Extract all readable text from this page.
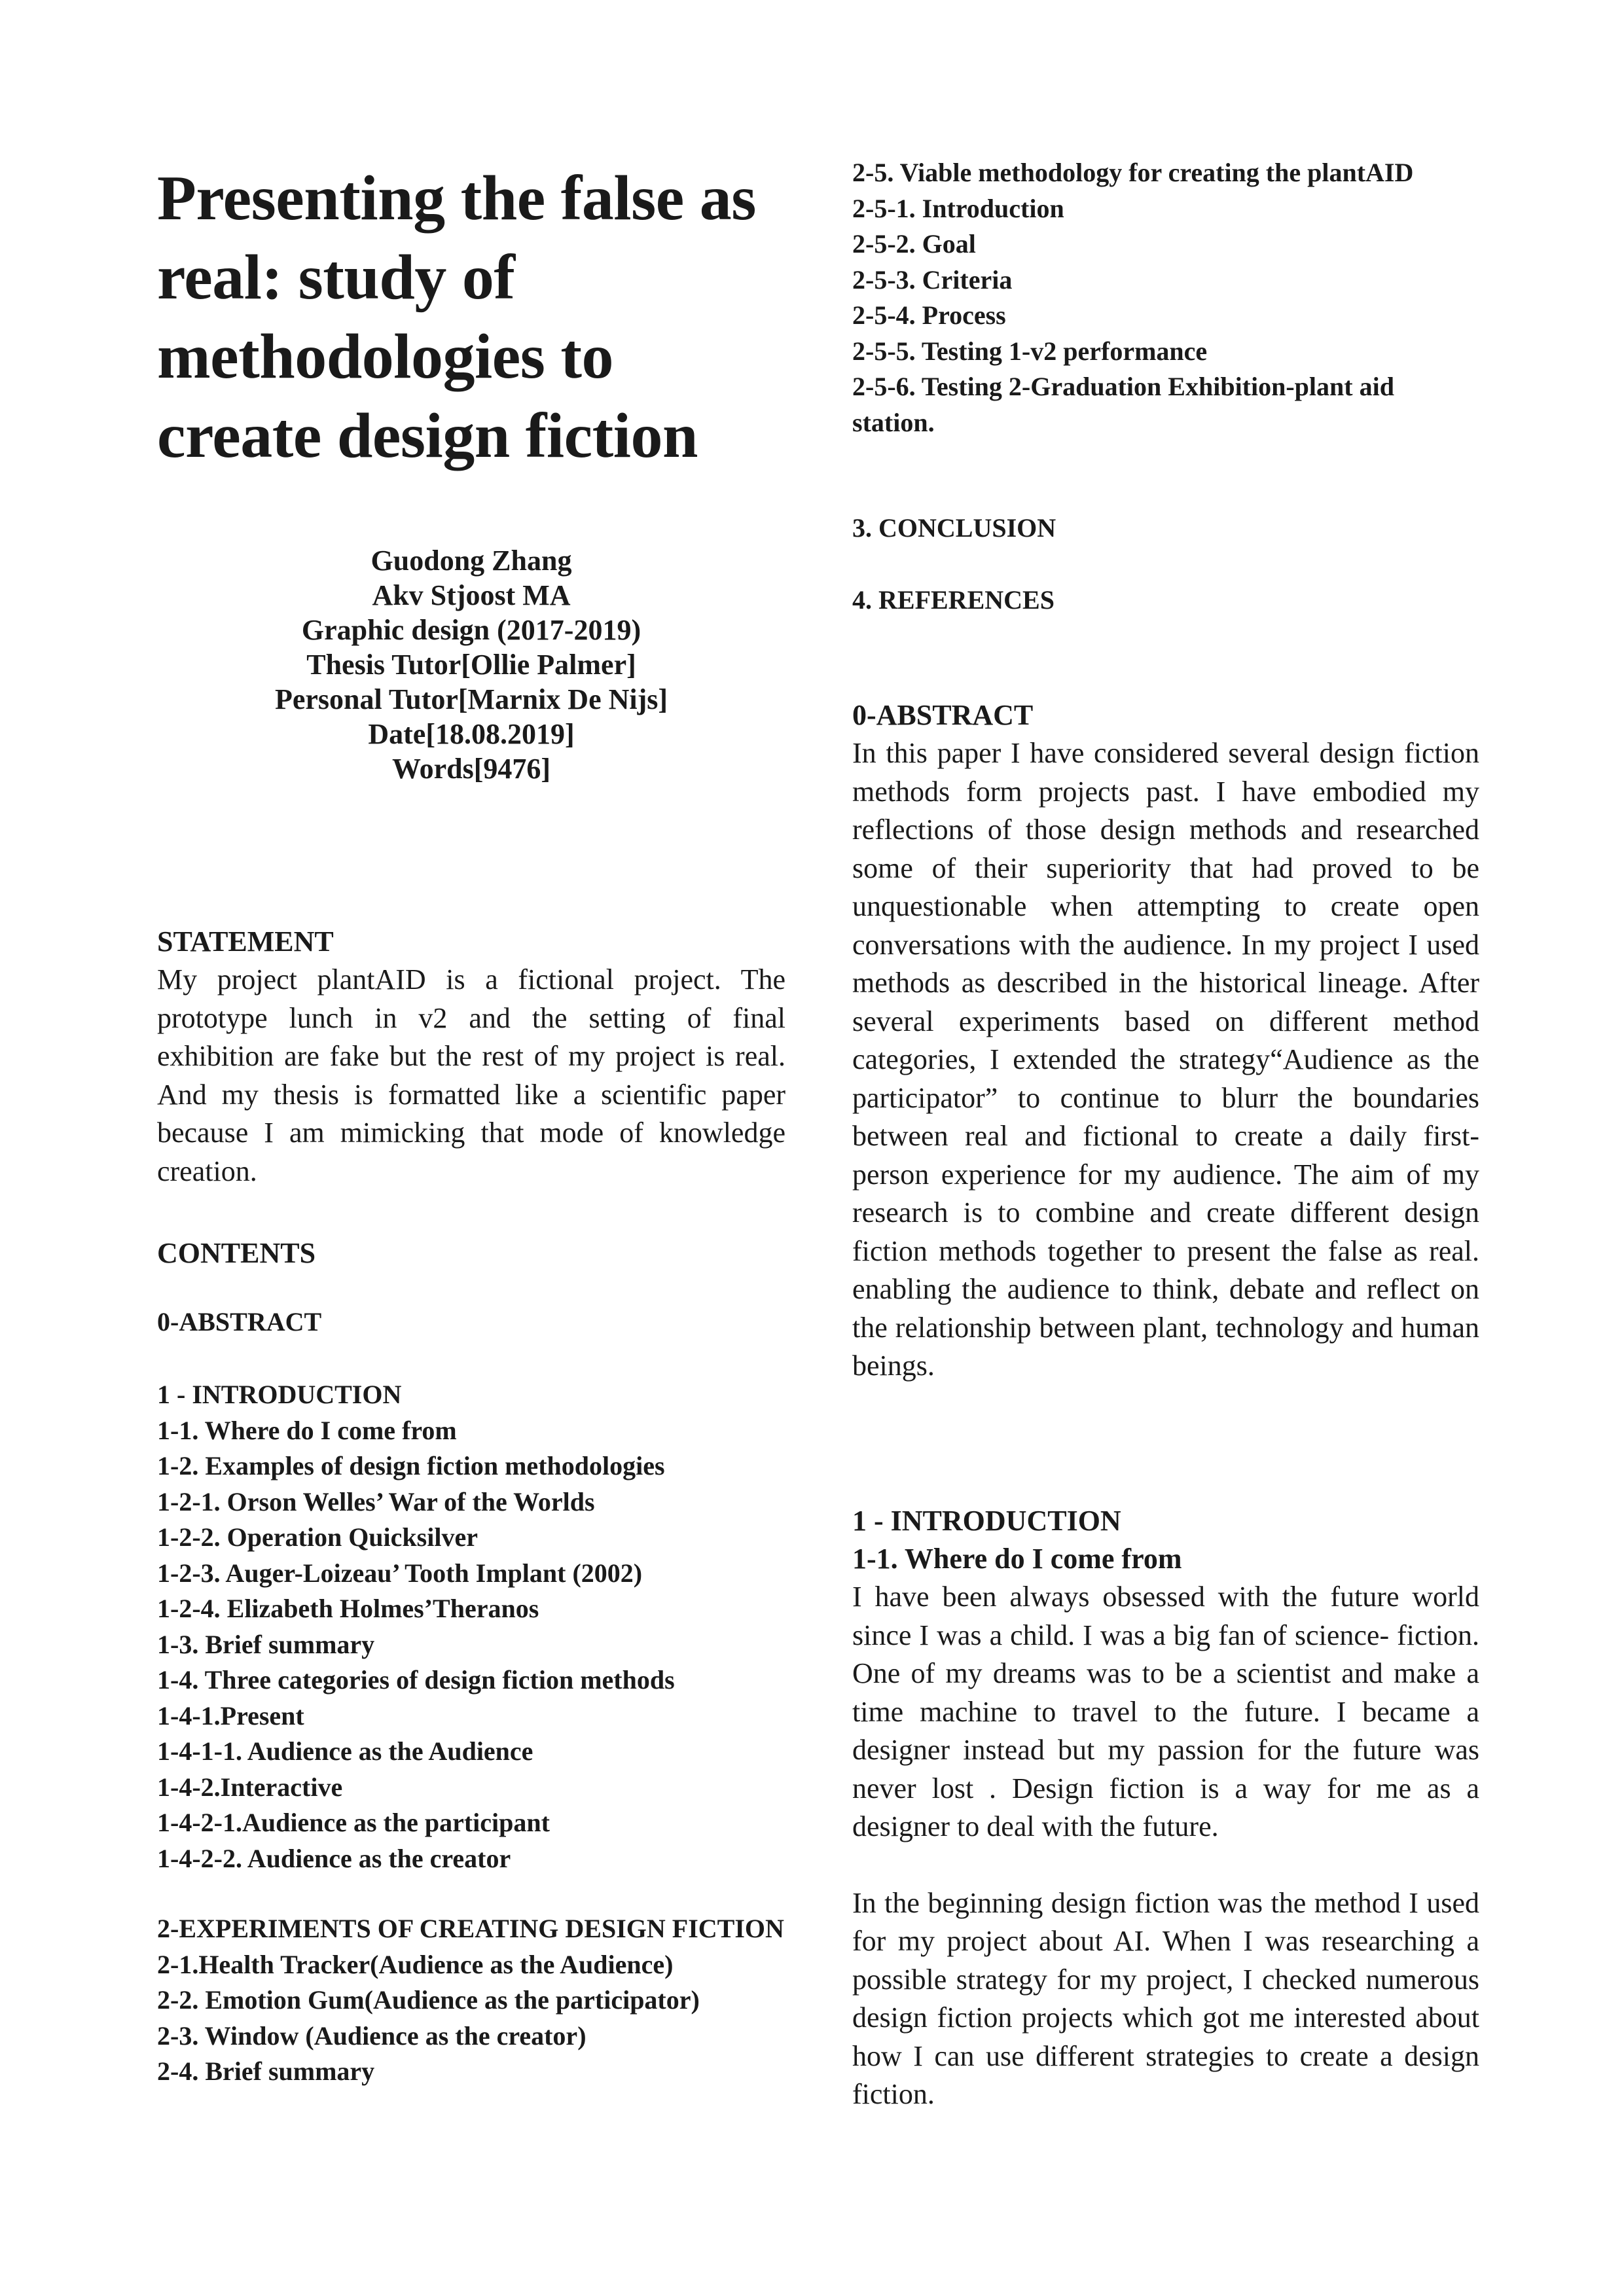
Presenting the false as real: study of methodologies to create design fiction
Guodong Zhang
Akv Stjoost MA
Graphic design (2017-2019)
Thesis Tutor[Ollie Palmer]
Personal Tutor[Marnix De Nijs]
Date[18.08.2019]
Words[9476]

STATEMENT

My project plantAID is a fictional project. The prototype lunch in v2 and the setting of final exhibition are fake but the rest of my project is real. And my thesis is formatted like a scientific paper because I am mimicking that mode of knowledge creation.

CONTENTS

0-ABSTRACT
1 - INTRODUCTION
1-1. Where do I come from
1-2. Examples of design fiction methodologies
1-2-1. Orson Welles’ War of the Worlds
1-2-2. Operation Quicksilver
1-2-3. Auger-Loizeau’ Tooth Implant (2002)
1-2-4. Elizabeth Holmes’Theranos
1-3. Brief summary
1-4. Three categories of design fiction methods
1-4-1.Present
1-4-1-1. Audience as the Audience
1-4-2.Interactive
1-4-2-1.Audience as the participant
1-4-2-2. Audience as the creator
2-EXPERIMENTS OF CREATING DESIGN FICTION
2-1.Health Tracker(Audience as the Audience)
2-2. Emotion Gum(Audience as the participator)
2-3. Window (Audience as the creator)
2-4. Brief summary
2-5. Viable methodology for creating the plantAID
2-5-1. Introduction
2-5-2. Goal
2-5-3. Criteria
2-5-4. Process
2-5-5. Testing 1-v2 performance
2-5-6. Testing 2-Graduation Exhibition-plant aid station.
3. CONCLUSION
4. REFERENCES

0-ABSTRACT

In this paper I have considered several design fiction methods form projects past. I have embodied my reflections of those design methods and researched some of their superiority that had proved to be unquestionable when attempting to create open conversations with the audience. In my project I used methods as described in the historical lineage. After several experiments based on different method categories, I extended the strategy“Audience as the participator” to continue to blurr the boundaries between real and fictional to create a daily first-person experience for my audience. The aim of my research is to combine and create different design fiction methods together to present the false as real. enabling the audience to think, debate and reflect on the relationship between plant, technology and human beings.

1 - INTRODUCTION

1-1. Where do I come from

I have been always obsessed with the future world since I was a child. I was a big fan of science- fiction. One of my dreams was to be a scientist and make a time machine to travel to the future. I became a designer instead but my passion for the future was never lost . Design fiction is a way for me as a designer to deal with the future.

In the beginning design fiction was the method I used for my project about AI. When I was researching a possible strategy for my project, I checked numerous design fiction projects which got me interested about how I can use different strategies to create a design fiction.
